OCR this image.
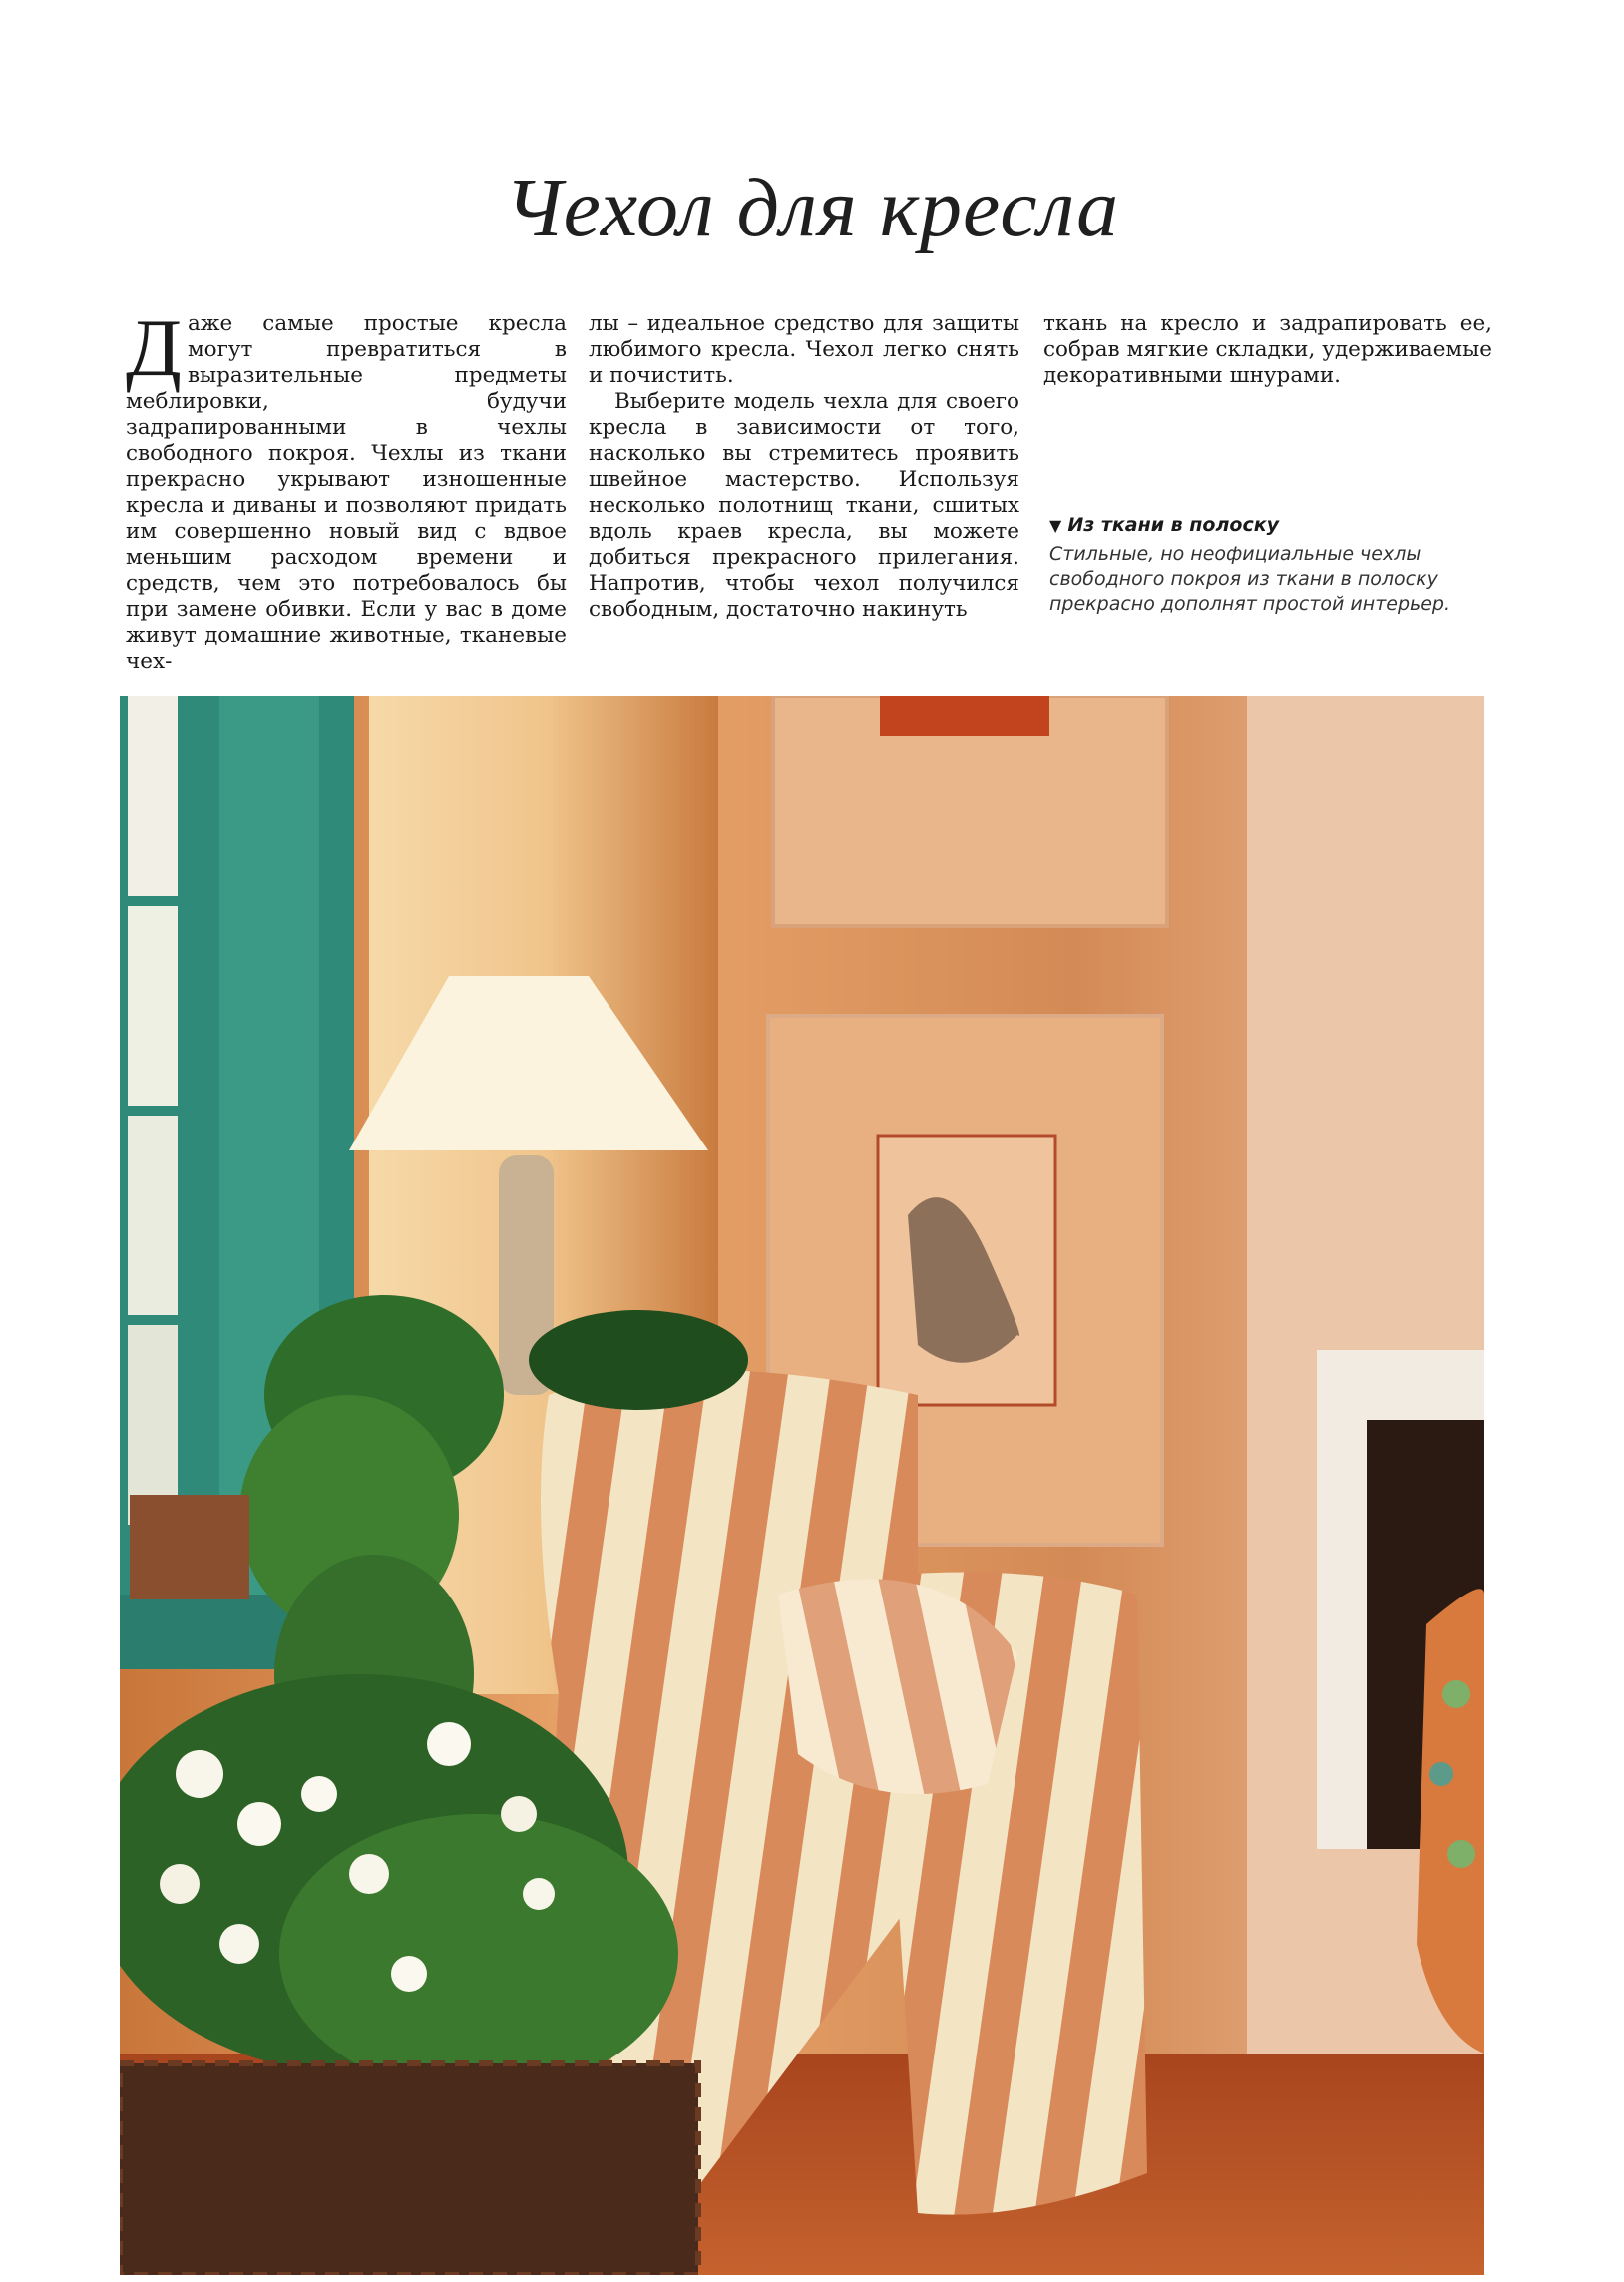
Чехол для кресла

Даже самые простые кресла могут превратиться в выразительные предметы меблировки, будучи задрапированными в чехлы свободного покроя. Чехлы из ткани прекрасно укрывают изношенные кресла и диваны и позволяют придать им совершенно новый вид с вдвое меньшим расходом времени и средств, чем это потребовалось бы при замене обивки. Если у вас в доме живут домашние животные, тканевые чех-

лы – идеальное средство для защиты любимого кресла. Чехол легко снять и почистить.

Выберите модель чехла для своего кресла в зависимости от того, насколько вы стремитесь проявить швейное мастерство. Используя несколько полотнищ ткани, сшитых вдоль краев кресла, вы можете добиться прекрасного прилегания. Напротив, чтобы чехол получился свободным, достаточно накинуть

ткань на кресло и задрапировать ее, собрав мягкие складки, удерживаемые декоративными шнурами.

▼ Из ткани в полоску
Стильные, но неофициальные чехлы свободного покроя из ткани в полоску прекрасно дополнят простой интерьер.
